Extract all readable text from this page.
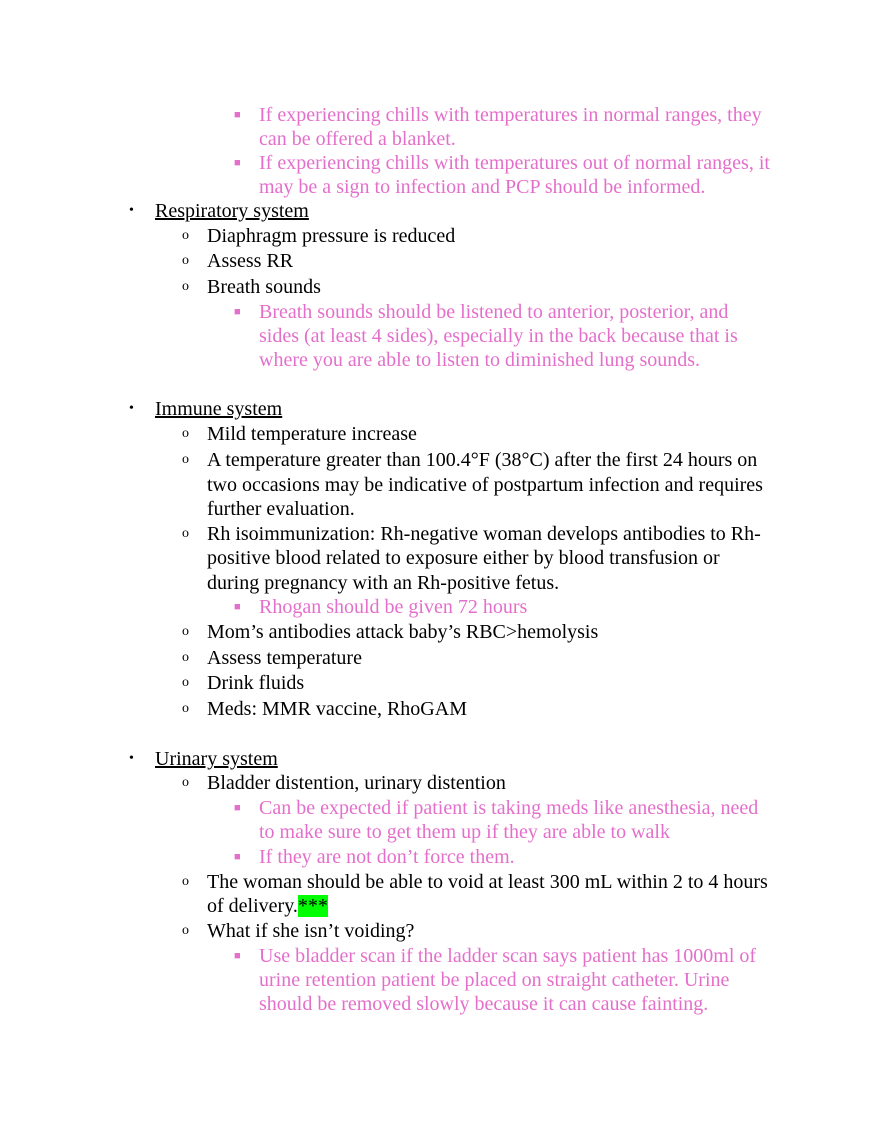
■ If experiencing chills with temperatures in normal ranges, they
can be offered a blanket.
■ If experiencing chills with temperatures out of normal ranges, it
may be a sign to infection and PCP should be informed.
• Respiratory system
o Diaphragm pressure is reduced
o Assess RR
o Breath sounds
■ Breath sounds should be listened to anterior, posterior, and
sides (at least 4 sides), especially in the back because that is
where you are able to listen to diminished lung sounds.
• Immune system
o Mild temperature increase
o A temperature greater than 100.4°F (38°C) after the first 24 hours on
two occasions may be indicative of postpartum infection and requires
further evaluation.
o Rh isoimmunization: Rh-negative woman develops antibodies to Rh-
positive blood related to exposure either by blood transfusion or
during pregnancy with an Rh-positive fetus.
■ Rhogan should be given 72 hours
o Mom’s antibodies attack baby’s RBC>hemolysis
o Assess temperature
o Drink fluids
o Meds: MMR vaccine, RhoGAM
• Urinary system
o Bladder distention, urinary distention
■ Can be expected if patient is taking meds like anesthesia, need
to make sure to get them up if they are able to walk
■ If they are not don’t force them.
o The woman should be able to void at least 300 mL within 2 to 4 hours
of delivery.***
o What if she isn’t voiding?
■ Use bladder scan if the ladder scan says patient has 1000ml of
urine retention patient be placed on straight catheter. Urine
should be removed slowly because it can cause fainting.
